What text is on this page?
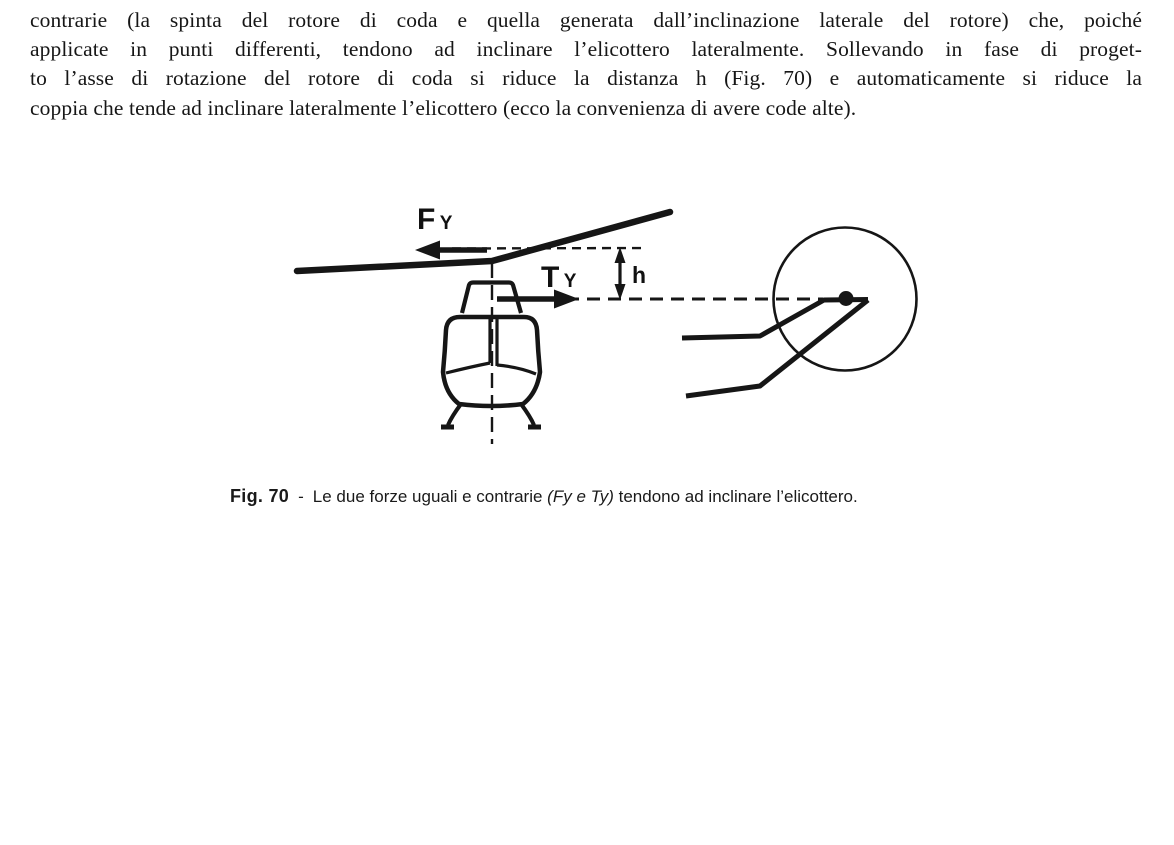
contrarie (la spinta del rotore di coda e quella generata dall’inclinazione laterale del rotore) che, poiché
applicate in punti differenti, tendono ad inclinare l’elicottero lateralmente. Sollevando in fase di proget-
to l’asse di rotazione del rotore di coda si riduce la distanza h (Fig. 70) e automaticamente si riduce la
coppia che tende ad inclinare lateralmente l’elicottero (ecco la convenienza di avere code alte).
F Y
T Y h
Fig. 70 - Le due forze uguali e contrarie (Fy e Ty) tendono ad inclinare l’elicottero.
